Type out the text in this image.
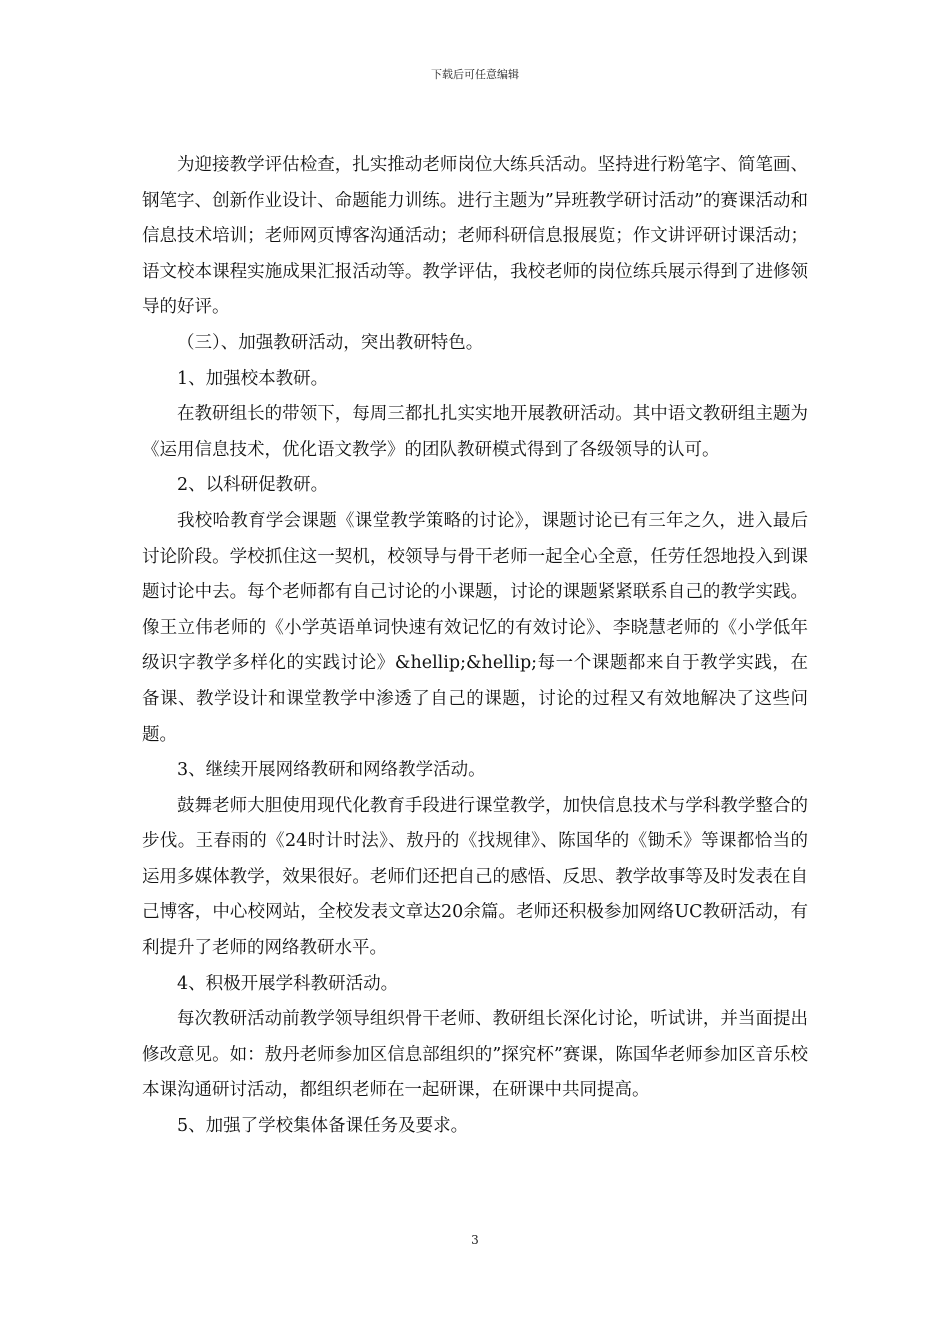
下载后可任意编辑

为迎接教学评估检查，扎实推动老师岗位大练兵活动。坚持进行粉笔字、简笔画、钢笔字、创新作业设计、命题能力训练。进行主题为”异班教学研讨活动”的赛课活动和信息技术培训；老师网页博客沟通活动；老师科研信息报展览；作文讲评研讨课活动；语文校本课程实施成果汇报活动等。教学评估，我校老师的岗位练兵展示得到了进修领导的好评。

（三）、加强教研活动，突出教研特色。

1、加强校本教研。

在教研组长的带领下，每周三都扎扎实实地开展教研活动。其中语文教研组主题为《运用信息技术，优化语文教学》的团队教研模式得到了各级领导的认可。

2、以科研促教研。

我校哈教育学会课题《课堂教学策略的讨论》，课题讨论已有三年之久，进入最后讨论阶段。学校抓住这一契机，校领导与骨干老师一起全心全意，任劳任怨地投入到课题讨论中去。每个老师都有自己讨论的小课题，讨论的课题紧紧联系自己的教学实践。像王立伟老师的《小学英语单词快速有效记忆的有效讨论》、李晓慧老师的《小学低年级识字教学多样化的实践讨论》&hellip;&hellip;每一个课题都来自于教学实践，在备课、教学设计和课堂教学中渗透了自己的课题，讨论的过程又有效地解决了这些问题。

3、继续开展网络教研和网络教学活动。

鼓舞老师大胆使用现代化教育手段进行课堂教学，加快信息技术与学科教学整合的步伐。王春雨的《24时计时法》、敖丹的《找规律》、陈国华的《锄禾》等课都恰当的运用多媒体教学，效果很好。老师们还把自己的感悟、反思、教学故事等及时发表在自己博客，中心校网站，全校发表文章达20余篇。老师还积极参加网络UC教研活动，有利提升了老师的网络教研水平。

4、积极开展学科教研活动。

每次教研活动前教学领导组织骨干老师、教研组长深化讨论，听试讲，并当面提出修改意见。如：敖丹老师参加区信息部组织的”探究杯”赛课，陈国华老师参加区音乐校本课沟通研讨活动，都组织老师在一起研课，在研课中共同提高。

5、加强了学校集体备课任务及要求。

3
